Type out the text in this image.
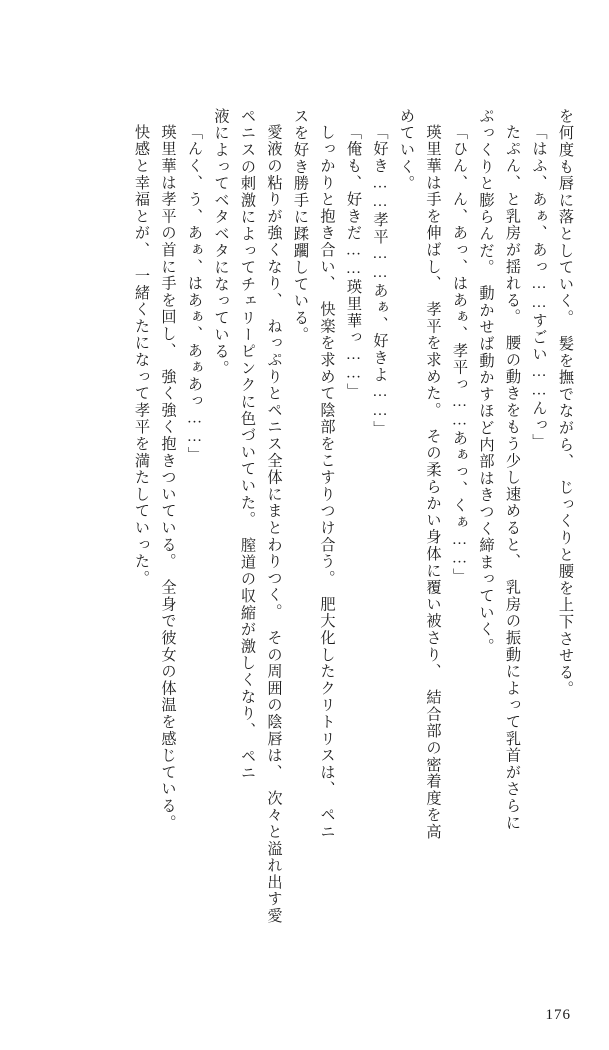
を何度も唇に落としていく。　髪を撫でながら、　じっくりと腰を上下させる。
「はふ、あぁ、あっ……すごい……んっ」
たぷん、と乳房が揺れる。　腰の動きをもう少し速めると、　乳房の振動によって乳首がさらに
ぷっくりと膨らんだ。　動かせば動かすほど内部はきつく締まっていく。
「ひん、ん、あっ、はあぁ、孝平っ……あぁっ、くぁ……」
瑛里華は手を伸ばし、　孝平を求めた。　その柔らかい身体に覆い被さり、　結合部の密着度を高
めていく。
「好き……孝平……あぁ、好きよ……」
「俺も、好きだ……瑛里華っ……」
しっかりと抱き合い、　快楽を求めて陰部をこすりつけ合う。　肥大化したクリトリスは、　ペニ
スを好き勝手に蹂躙している。
愛液の粘りが強くなり、　ねっぷりとペニス全体にまとわりつく。　その周囲の陰唇は、　次々と溢れ出す愛
ペニスの刺激によってチェリーピンクに色づいていた。　膣道の収縮が激しくなり、　ペニ
液によってベタベタになっている。
「んく、う、あぁ、はあぁ、あぁあっ……」
瑛里華は孝平の首に手を回し、　強く強く抱きついている。　全身で彼女の体温を感じている。
快感と幸福とが、　一緒くたになって孝平を満たしていった。
176
